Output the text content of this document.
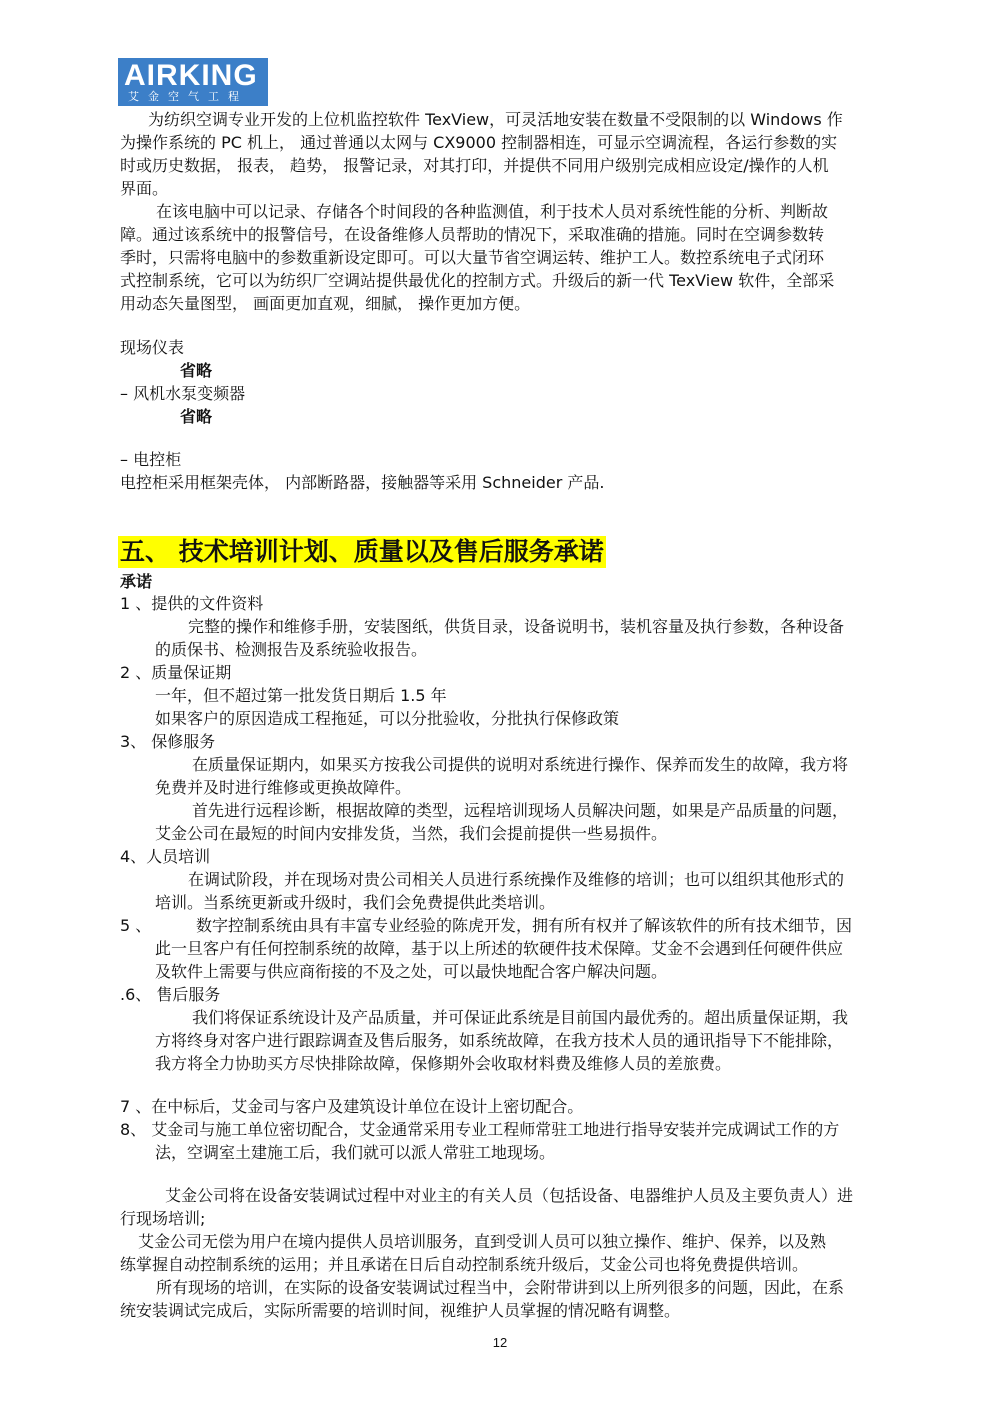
AIRKING
艾金空气工程
为纺织空调专业开发的上位机监控软件 TexView，可灵活地安装在数量不受限制的以 Windows 作
为操作系统的 PC 机上， 通过普通以太网与 CX9000 控制器相连，可显示空调流程，各运行参数的实
时或历史数据， 报表， 趋势， 报警记录，对其打印，并提供不同用户级别完成相应设定/操作的人机
界面。
在该电脑中可以记录、存储各个时间段的各种监测值，利于技术人员对系统性能的分析、判断故
障。通过该系统中的报警信号，在设备维修人员帮助的情况下，采取准确的措施。同时在空调参数转
季时，只需将电脑中的参数重新设定即可。可以大量节省空调运转、维护工人。数控系统电子式闭环
式控制系统，它可以为纺织厂空调站提供最优化的控制方式。升级后的新一代 TexView 软件，全部采
用动态矢量图型， 画面更加直观，细腻， 操作更加方便。
现场仪表
省略
– 风机水泵变频器
省略
– 电控柜
电控柜采用框架壳体， 内部断路器，接触器等采用 Schneider 产品.
承诺
1 、提供的文件资料
完整的操作和维修手册，安装图纸，供货目录，设备说明书，装机容量及执行参数，各种设备
的质保书、检测报告及系统验收报告。
2 、质量保证期
一年，但不超过第一批发货日期后 1.5 年
如果客户的原因造成工程拖延，可以分批验收，分批执行保修政策
3、 保修服务
在质量保证期内，如果买方按我公司提供的说明对系统进行操作、保养而发生的故障，我方将
免费并及时进行维修或更换故障件。
首先进行远程诊断，根据故障的类型，远程培训现场人员解决问题，如果是产品质量的问题，
艾金公司在最短的时间内安排发货，当然，我们会提前提供一些易损件。
4、人员培训
在调试阶段，并在现场对贵公司相关人员进行系统操作及维修的培训；也可以组织其他形式的
培训。当系统更新或升级时，我们会免费提供此类培训。
5 、	数字控制系统由具有丰富专业经验的陈虎开发，拥有所有权并了解该软件的所有技术细节，因
此一旦客户有任何控制系统的故障，基于以上所述的软硬件技术保障。艾金不会遇到任何硬件供应
及软件上需要与供应商衔接的不及之处，可以最快地配合客户解决问题。
.6、 售后服务
我们将保证系统设计及产品质量，并可保证此系统是目前国内最优秀的。超出质量保证期，我
方将终身对客户进行跟踪调查及售后服务，如系统故障，在我方技术人员的通讯指导下不能排除，
我方将全力协助买方尽快排除故障，保修期外会收取材料费及维修人员的差旅费。
7 、在中标后，艾金司与客户及建筑设计单位在设计上密切配合。
8、 艾金司与施工单位密切配合，艾金通常采用专业工程师常驻工地进行指导安装并完成调试工作的方
法，空调室土建施工后，我们就可以派人常驻工地现场。
艾金公司将在设备安装调试过程中对业主的有关人员（包括设备、电器维护人员及主要负责人）进
行现场培训;
艾金公司无偿为用户在境内提供人员培训服务，直到受训人员可以独立操作、维护、保养，以及熟
练掌握自动控制系统的运用；并且承诺在日后自动控制系统升级后，艾金公司也将免费提供培训。
所有现场的培训，在实际的设备安装调试过程当中，会附带讲到以上所列很多的问题，因此，在系
统安装调试完成后，实际所需要的培训时间，视维护人员掌握的情况略有调整。
五、 技术培训计划、质量以及售后服务承诺
12
